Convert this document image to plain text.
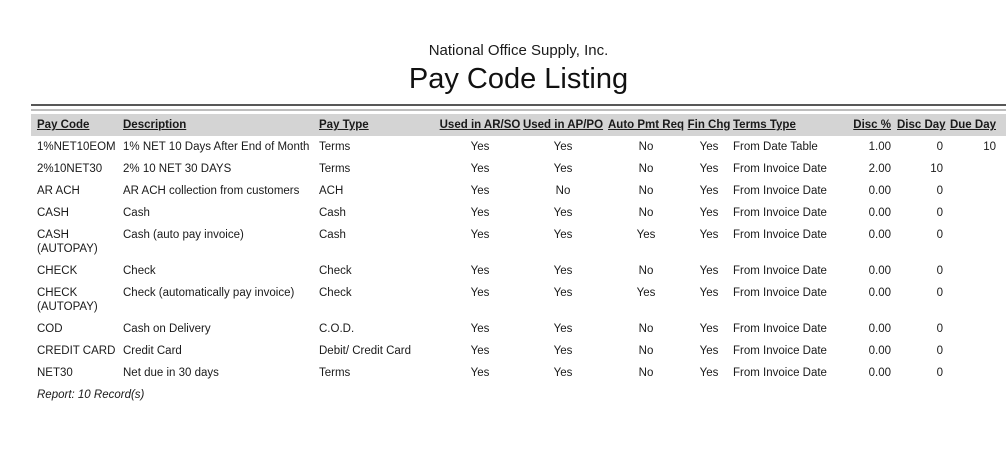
National Office Supply, Inc.
Pay Code Listing
Pay Code	Description	Pay Type	Used in AR/SO	Used in AP/PO	Auto Pmt Req	Fin Chg	Terms Type	Disc %	Disc Day	Due Day
1%NET10EOM	1% NET 10 Days After End of Month	Terms	Yes	Yes	No	Yes	From Date Table	1.00	0	10
2%10NET30	2% 10 NET 30 DAYS	Terms	Yes	Yes	No	Yes	From Invoice Date	2.00	10	
AR ACH	AR ACH collection from customers	ACH	Yes	No	No	Yes	From Invoice Date	0.00	0	
CASH	Cash	Cash	Yes	Yes	No	Yes	From Invoice Date	0.00	0	
CASH (AUTOPAY)	Cash (auto pay invoice)	Cash	Yes	Yes	Yes	Yes	From Invoice Date	0.00	0	
CHECK	Check	Check	Yes	Yes	No	Yes	From Invoice Date	0.00	0	
CHECK (AUTOPAY)	Check (automatically pay invoice)	Check	Yes	Yes	Yes	Yes	From Invoice Date	0.00	0	
COD	Cash on Delivery	C.O.D.	Yes	Yes	No	Yes	From Invoice Date	0.00	0	
CREDIT CARD	Credit Card	Debit/ Credit Card	Yes	Yes	No	Yes	From Invoice Date	0.00	0	
NET30	Net due in 30 days	Terms	Yes	Yes	No	Yes	From Invoice Date	0.00	0	
Report: 10 Record(s)
